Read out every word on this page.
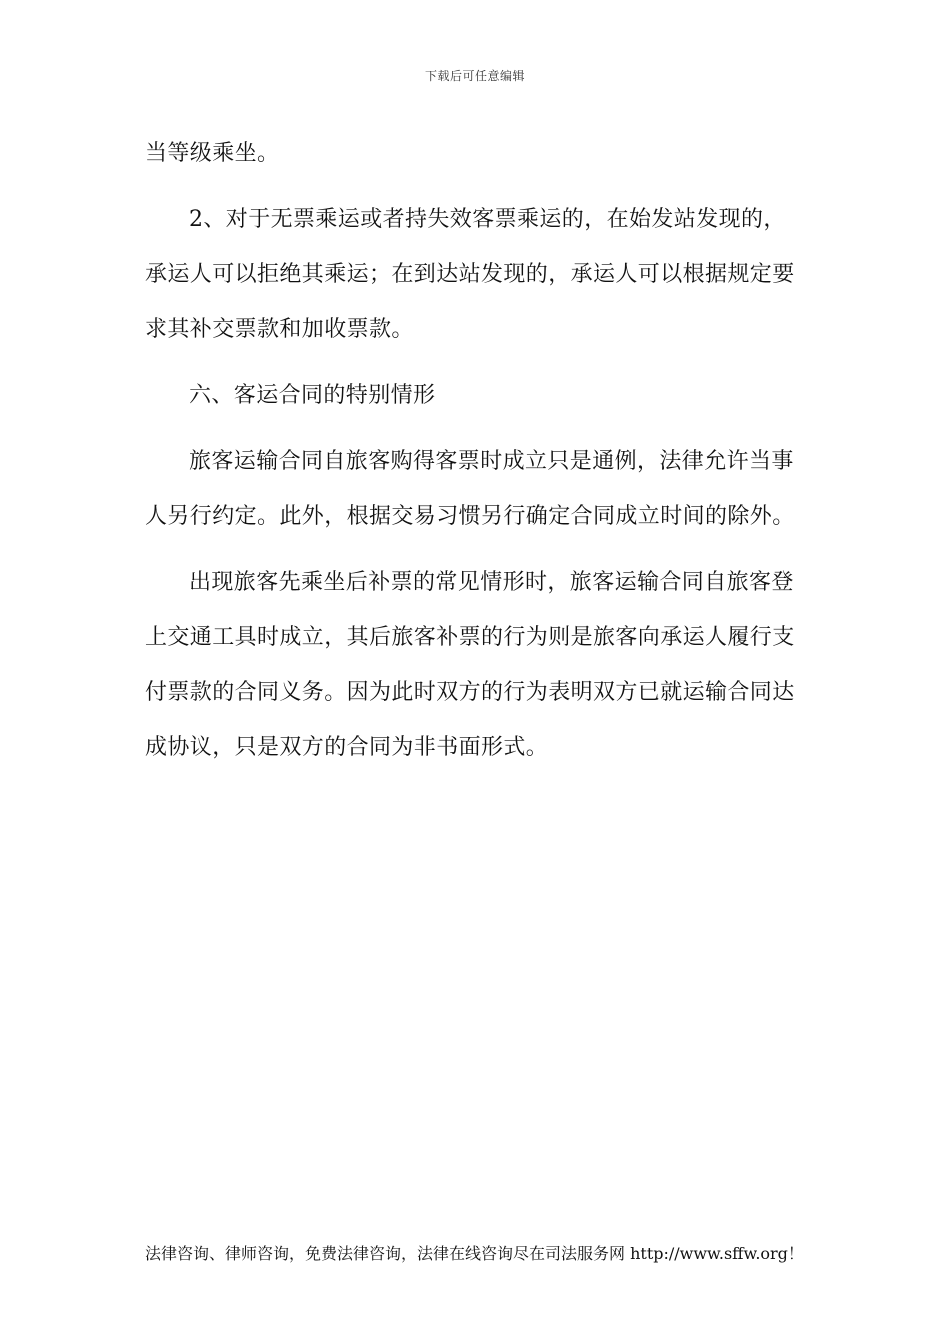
下载后可任意编辑

当等级乘坐。

2、对于无票乘运或者持失效客票乘运的，在始发站发现的，承运人可以拒绝其乘运；在到达站发现的，承运人可以根据规定要求其补交票款和加收票款。

六、客运合同的特别情形

旅客运输合同自旅客购得客票时成立只是通例，法律允许当事人另行约定。此外，根据交易习惯另行确定合同成立时间的除外。

出现旅客先乘坐后补票的常见情形时，旅客运输合同自旅客登上交通工具时成立，其后旅客补票的行为则是旅客向承运人履行支付票款的合同义务。因为此时双方的行为表明双方已就运输合同达成协议，只是双方的合同为非书面形式。

法律咨询、律师咨询，免费法律咨询，法律在线咨询尽在司法服务网 http://www.sffw.org！
